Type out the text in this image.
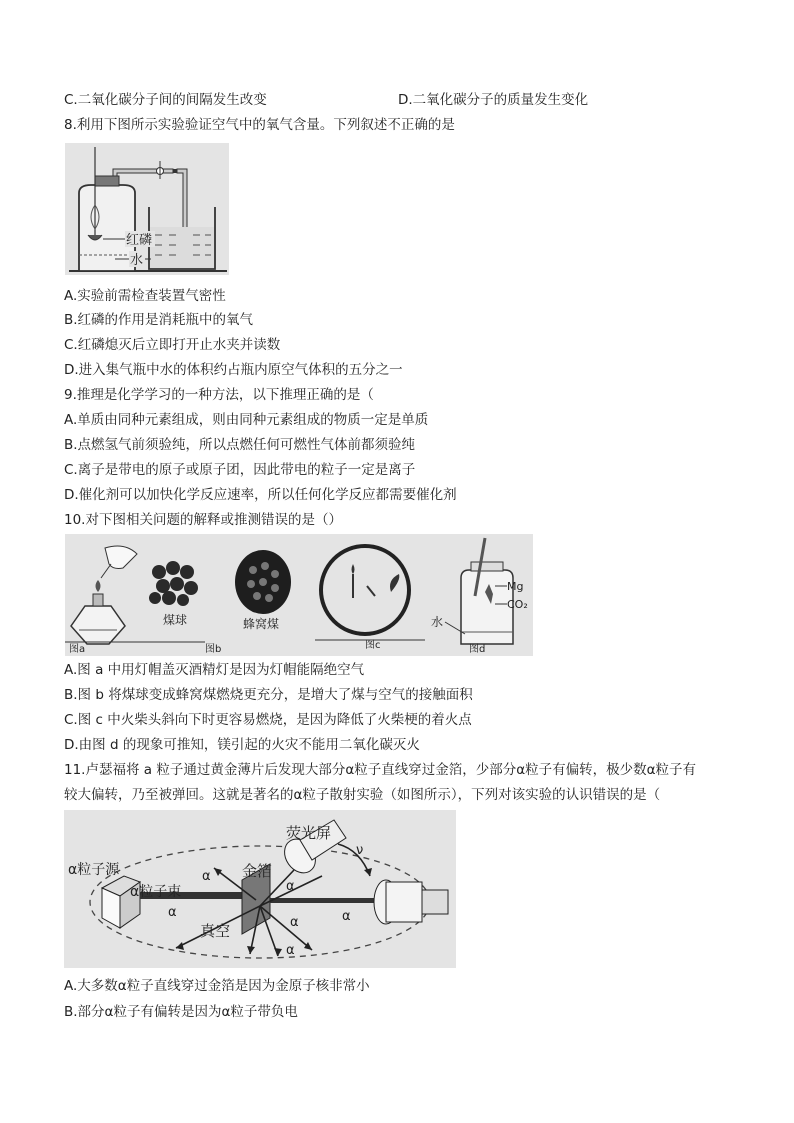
C.二氧化碳分子间的间隔发生改变	D.二氧化碳分子的质量发生变化
8.利用下图所示实验验证空气中的氧气含量。下列叙述不正确的是
红磷
水
A.实验前需检查装置气密性
B.红磷的作用是消耗瓶中的氧气
C.红磷熄灭后立即打开止水夹并读数
D.进入集气瓶中水的体积约占瓶内原空气体积的五分之一
9.推理是化学学习的一种方法，以下推理正确的是（
A.单质由同种元素组成，则由同种元素组成的物质一定是单质
B.点燃氢气前须验纯，所以点燃任何可燃性气体前都须验纯
C.离子是带电的原子或原子团，因此带电的粒子一定是离子
D.催化剂可以加快化学反应速率，所以任何化学反应都需要催化剂
10.对下图相关问题的解释或推测错误的是（）
图a
煤球
图b
蜂窝煤
图c
Mg
CO₂
水
图d
A.图 a 中用灯帽盖灭酒精灯是因为灯帽能隔绝空气
B.图 b 将煤球变成蜂窝煤燃烧更充分，是增大了煤与空气的接触面积
C.图 c 中火柴头斜向下时更容易燃烧，是因为降低了火柴梗的着火点
D.由图 d 的现象可推知，镁引起的火灾不能用二氧化碳灭火
11.卢瑟福将 a 粒子通过黄金薄片后发现大部分α粒子直线穿过金箔，少部分α粒子有偏转，极少数α粒子有
较大偏转，乃至被弹回。这就是著名的α粒子散射实验（如图所示），下列对该实验的认识错误的是（
α粒子源
α粒子束
荧光屏
金箔
真空
ν
α
α
α
α
α
α
A.大多数α粒子直线穿过金箔是因为金原子核非常小
B.部分α粒子有偏转是因为α粒子带负电
